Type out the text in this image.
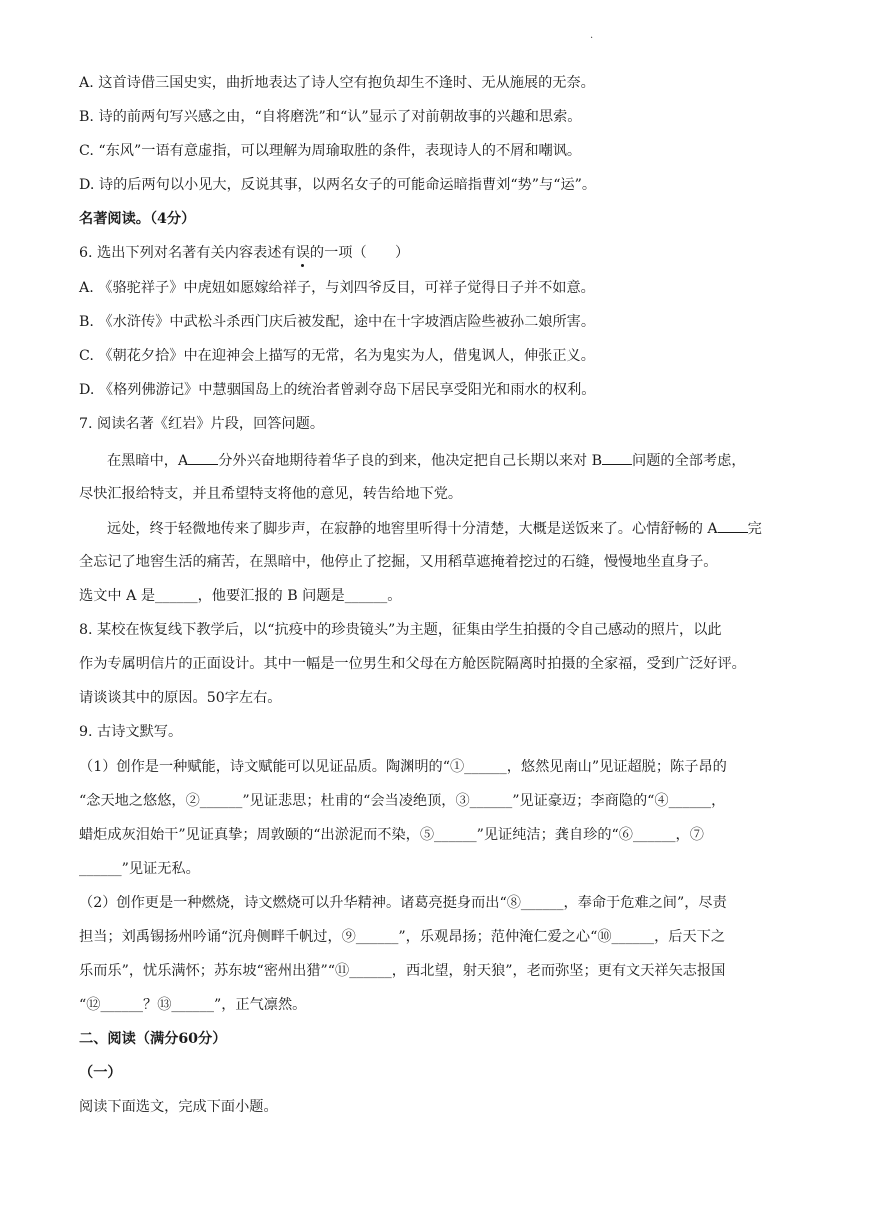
.
A. 这首诗借三国史实，曲折地表达了诗人空有抱负却生不逢时、无从施展的无奈。
B. 诗的前两句写兴感之由，“自将磨洗”和“认”显示了对前朝故事的兴趣和思索。
C. “东风”一语有意虚指，可以理解为周瑜取胜的条件，表现诗人的不屑和嘲讽。
D. 诗的后两句以小见大，反说其事，以两名女子的可能命运暗指曹刘“势”与“运”。
名著阅读。（4分）
6. 选出下列对名著有关内容表述有误的一项（　　）
A. 《骆驼祥子》中虎妞如愿嫁给祥子，与刘四爷反目，可祥子觉得日子并不如意。
B. 《水浒传》中武松斗杀西门庆后被发配，途中在十字坡酒店险些被孙二娘所害。
C. 《朝花夕拾》中在迎神会上描写的无常，名为鬼实为人，借鬼讽人，伸张正义。
D. 《格列佛游记》中慧骃国岛上的统治者曾剥夺岛下居民享受阳光和雨水的权利。
7. 阅读名著《红岩》片段，回答问题。
在黑暗中，A 分外兴奋地期待着华子良的到来，他决定把自己长期以来对 B 问题的全部考虑，
尽快汇报给特支，并且希望特支将他的意见，转告给地下党。
远处，终于轻微地传来了脚步声，在寂静的地窖里听得十分清楚，大概是送饭来了。心情舒畅的 A 完
全忘记了地窖生活的痛苦，在黑暗中，他停止了挖掘，又用稻草遮掩着挖过的石缝，慢慢地坐直身子。
选文中 A 是______，他要汇报的 B 问题是______。
8. 某校在恢复线下教学后，以“抗疫中的珍贵镜头”为主题，征集由学生拍摄的令自己感动的照片，以此
作为专属明信片的正面设计。其中一幅是一位男生和父母在方舱医院隔离时拍摄的全家福，受到广泛好评。
请谈谈其中的原因。50字左右。
9. 古诗文默写。
（1）创作是一种赋能，诗文赋能可以见证品质。陶渊明的“①______，悠然见南山”见证超脱；陈子昂的
“念天地之悠悠，②______”见证悲思；杜甫的“会当凌绝顶，③______”见证豪迈；李商隐的“④______，
蜡炬成灰泪始干”见证真挚；周敦颐的“出淤泥而不染，⑤______”见证纯洁；龚自珍的“⑥______，⑦
______”见证无私。
（2）创作更是一种燃烧，诗文燃烧可以升华精神。诸葛亮挺身而出“⑧______，奉命于危难之间”，尽责
担当；刘禹锡扬州吟诵“沉舟侧畔千帆过，⑨______”，乐观昂扬；范仲淹仁爱之心“⑩______，后天下之
乐而乐”，忧乐满怀；苏东坡“密州出猎”“⑪______，西北望，射天狼”，老而弥坚；更有文天祥矢志报国
“⑫______？⑬______”，正气凛然。
二、阅读（满分60分）
（一）
阅读下面选文，完成下面小题。
